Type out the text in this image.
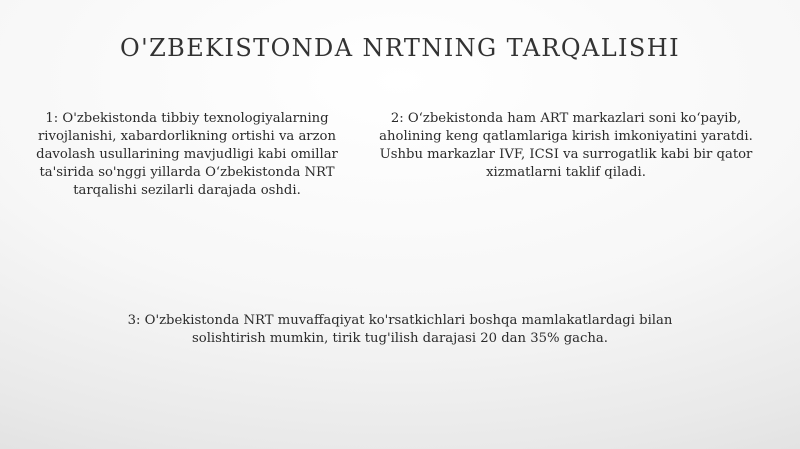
O'ZBEKISTONDA NRTNING TARQALISHI

1: O'zbekistonda tibbiy texnologiyalarning rivojlanishi, xabardorlikning ortishi va arzon davolash usullarining mavjudligi kabi omillar ta'sirida so'nggi yillarda O‘zbekistonda NRT tarqalishi sezilarli darajada oshdi.

2: O‘zbekistonda ham ART markazlari soni ko‘payib, aholining keng qatlamlariga kirish imkoniyatini yaratdi. Ushbu markazlar IVF, ICSI va surrogatlik kabi bir qator xizmatlarni taklif qiladi.

3: O'zbekistonda NRT muvaffaqiyat ko'rsatkichlari boshqa mamlakatlardagi bilan solishtirish mumkin, tirik tug'ilish darajasi 20 dan 35% gacha.
